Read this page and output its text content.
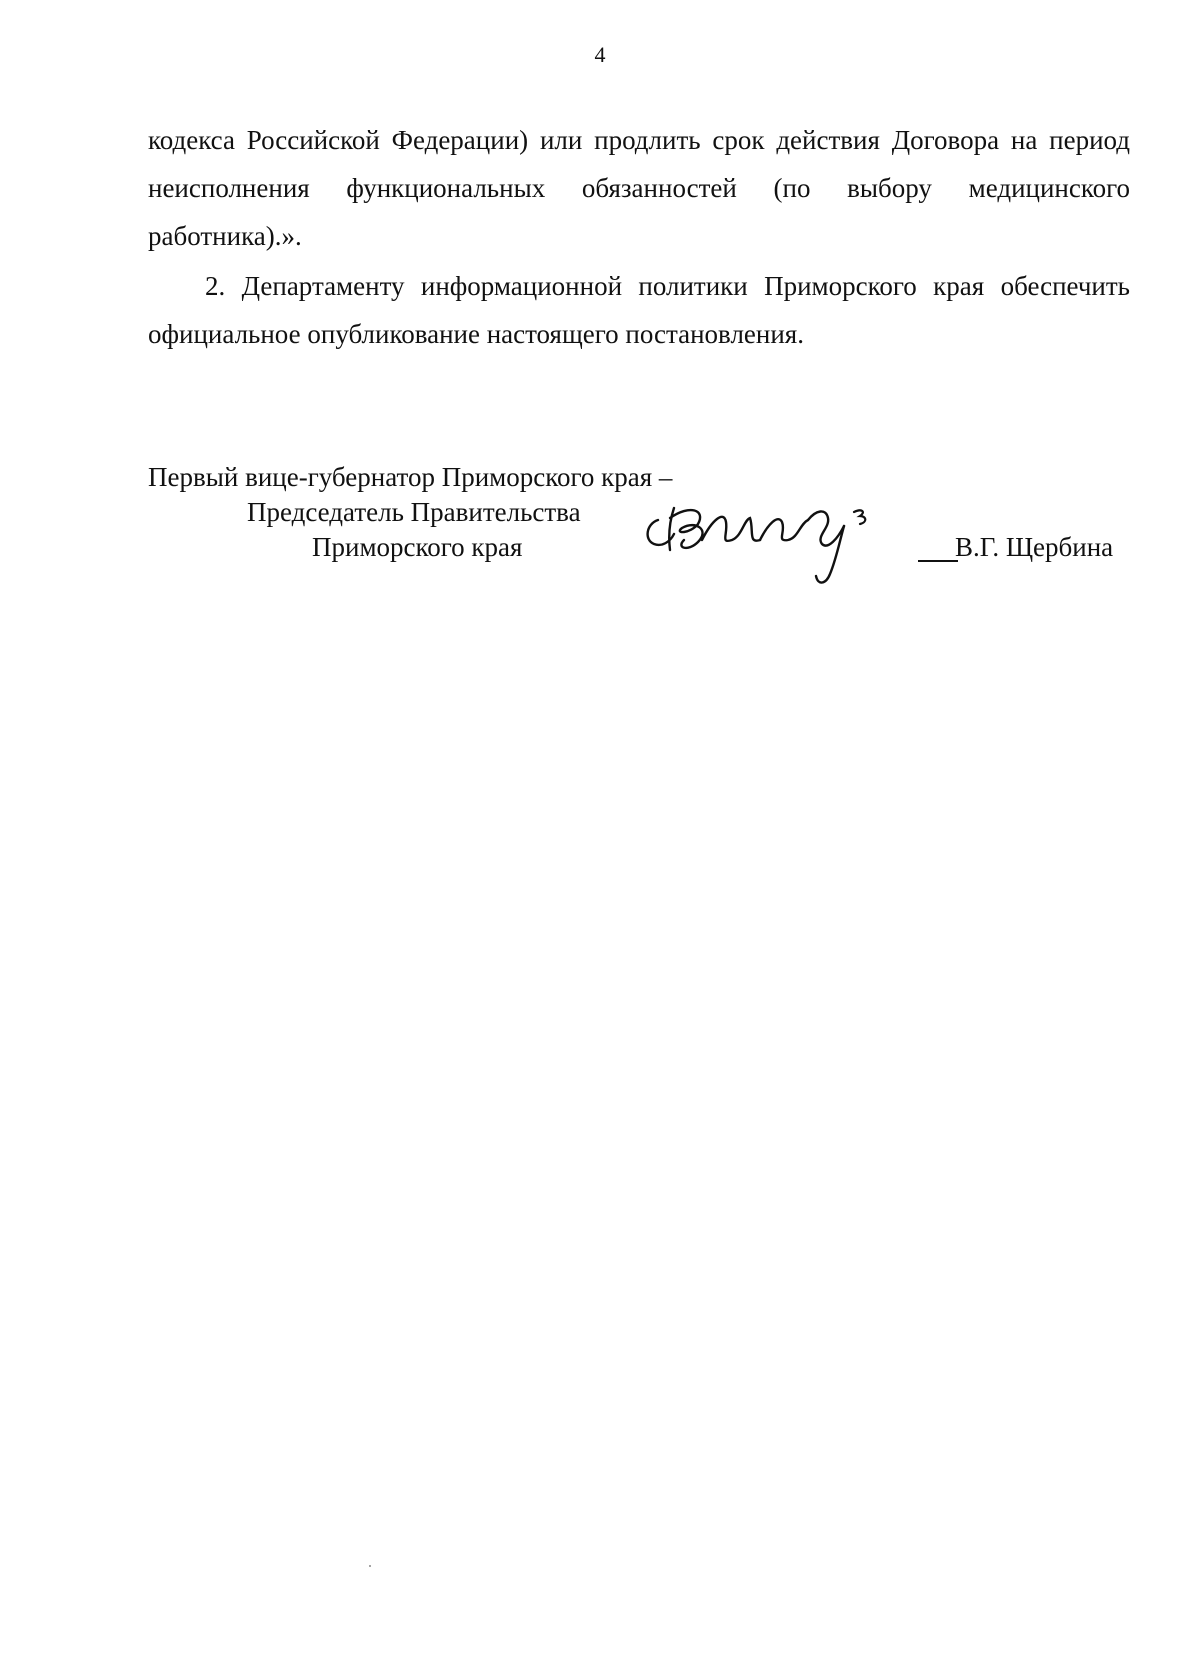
4

кодекса Российской Федерации) или продлить срок действия Договора на период неисполнения функциональных обязанностей (по выбору медицинского работника).».

2. Департаменту информационной политики Приморского края обеспечить официальное опубликование настоящего постановления.

Первый вице-губернатор Приморского края –
Председатель Правительства
Приморского края	В.Г. Щербина
